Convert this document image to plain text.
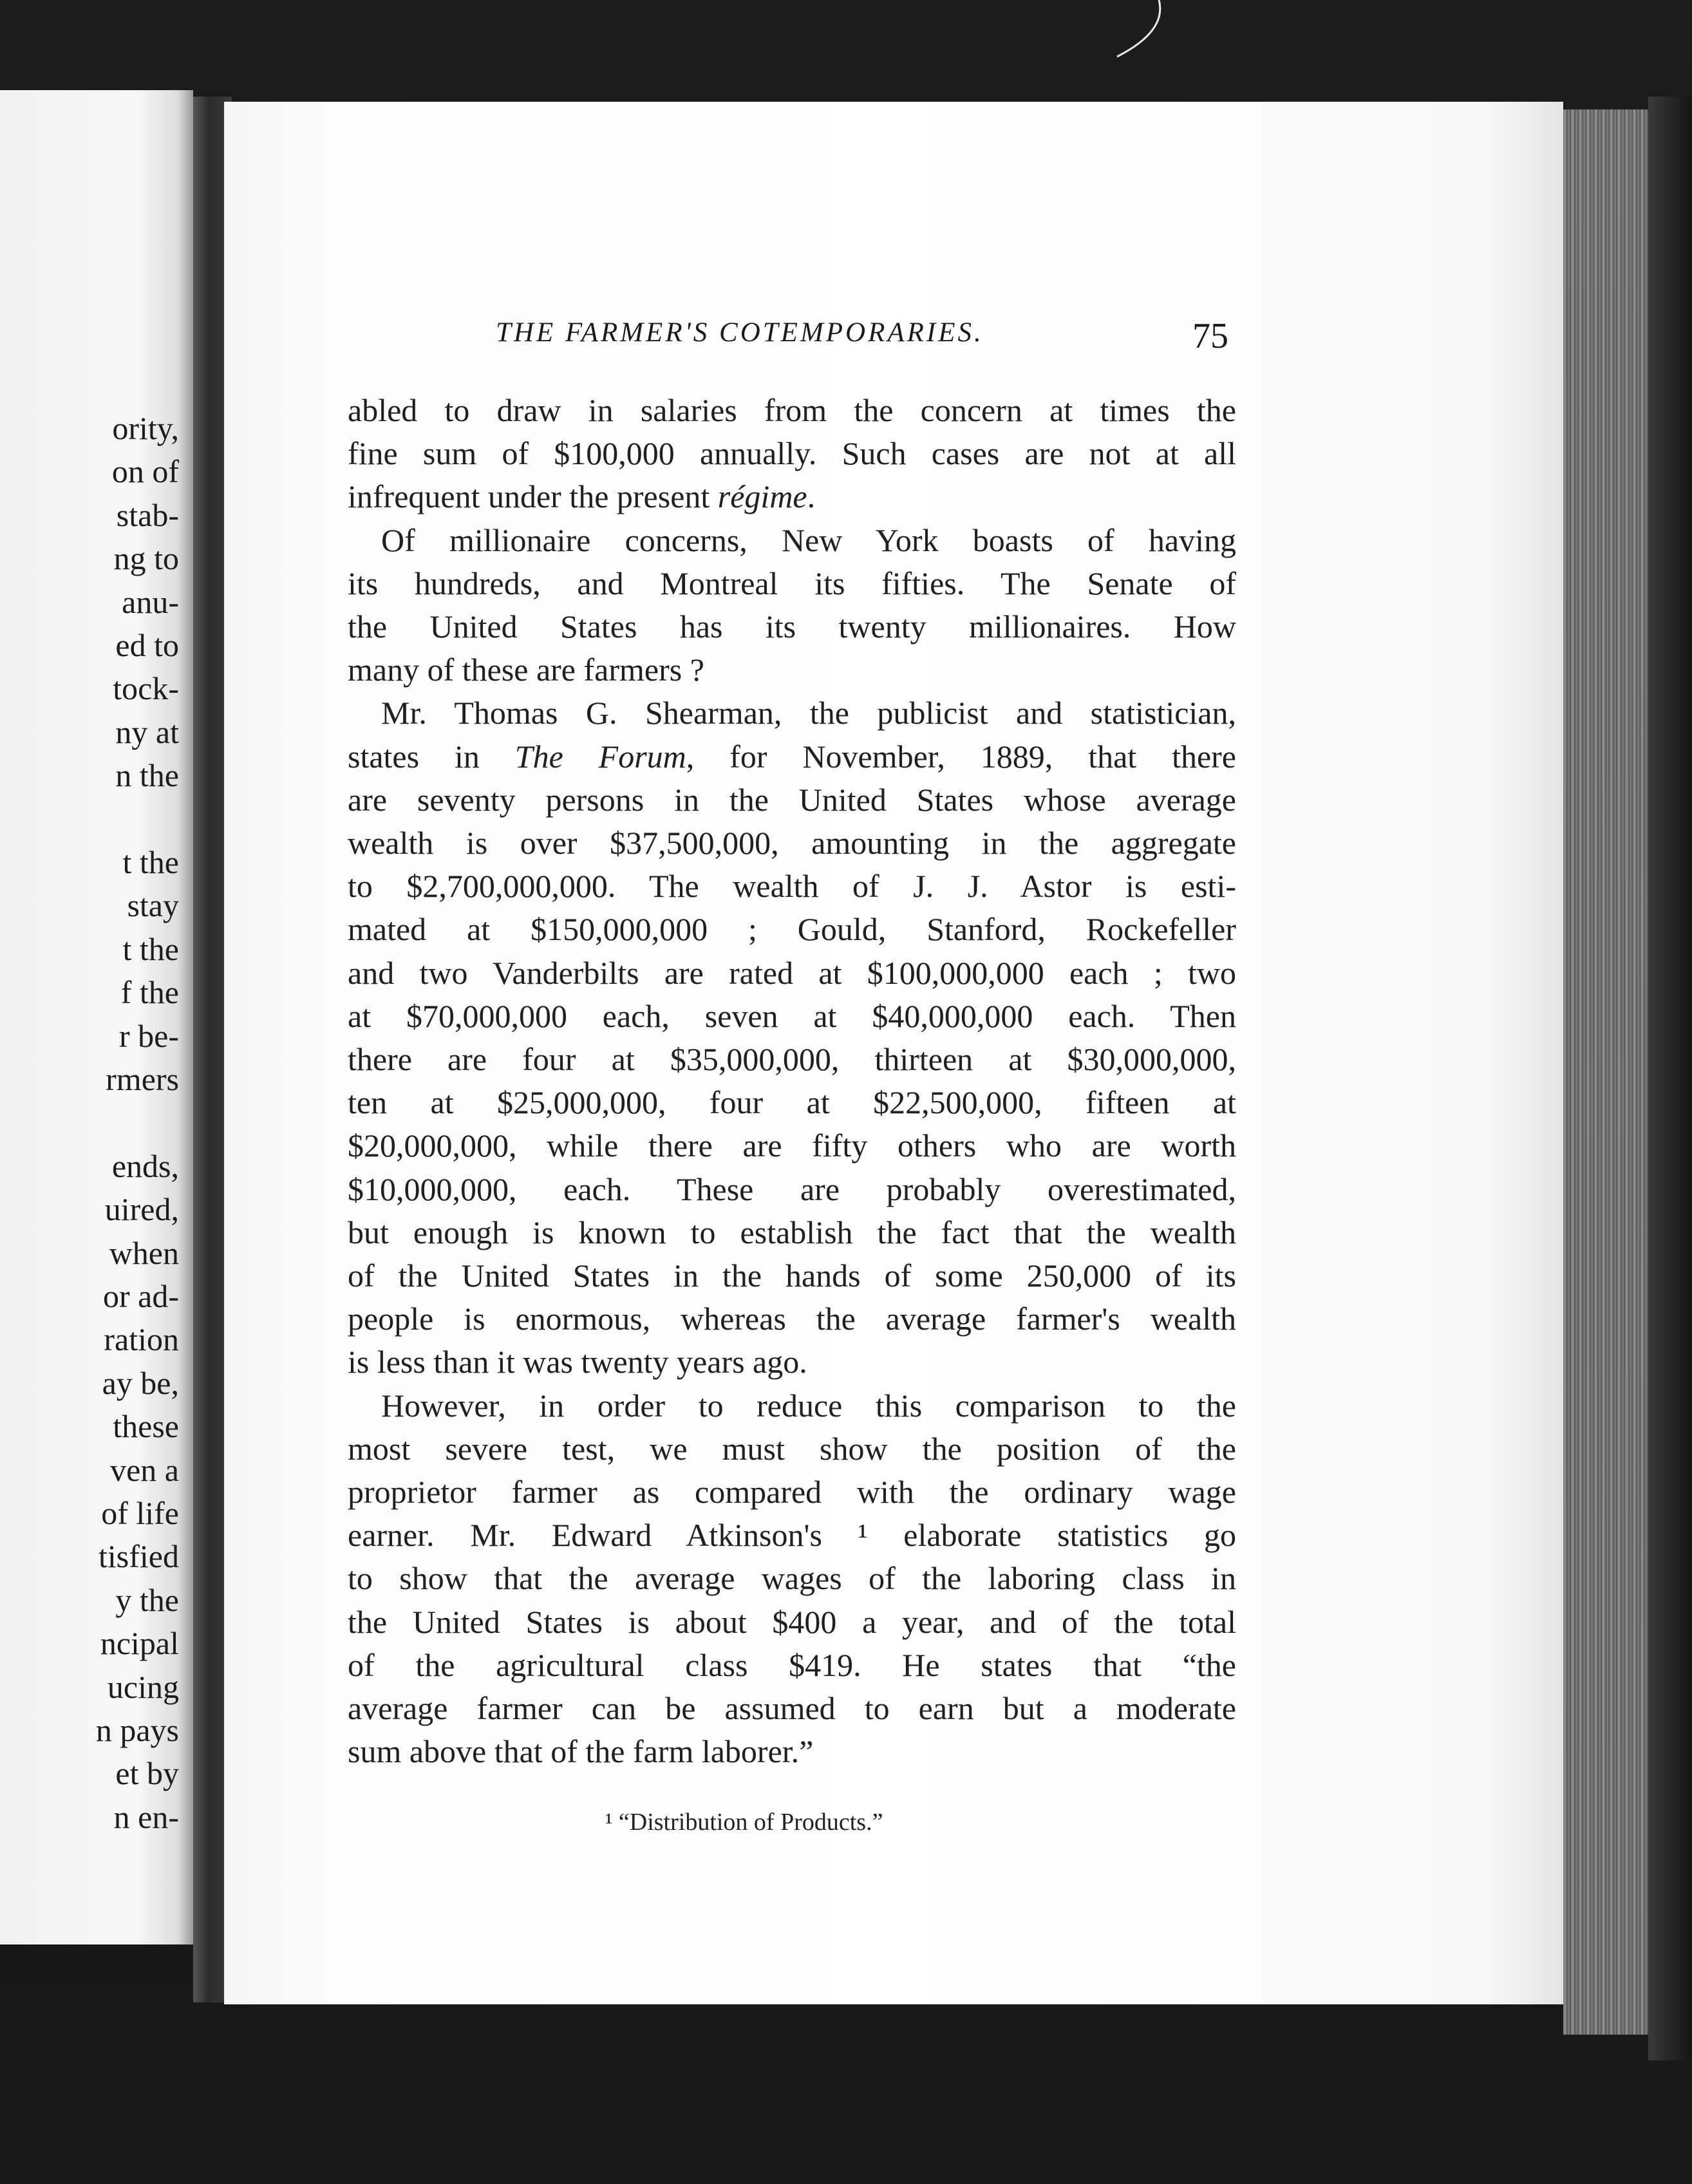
ority,
on of
stab-
ng to
anu-
ed to
tock-
ny at
n the
t the
stay
t the
f the
r be-
rmers
ends,
uired,
when
or ad-
ration
ay be,
these
ven a
of life
tisfied
y the
ncipal
ucing
n pays
et by
n en-
THE FARMER'S COTEMPORARIES.	75
abled to draw in salaries from the concern at times the
fine sum of $100,000 annually. Such cases are not at all
infrequent under the present régime.
Of millionaire concerns, New York boasts of having
its hundreds, and Montreal its fifties. The Senate of
the United States has its twenty millionaires. How
many of these are farmers ?
Mr. Thomas G. Shearman, the publicist and statistician,
states in The Forum, for November, 1889, that there
are seventy persons in the United States whose average
wealth is over $37,500,000, amounting in the aggregate
to $2,700,000,000. The wealth of J. J. Astor is esti-
mated at $150,000,000 ; Gould, Stanford, Rockefeller
and two Vanderbilts are rated at $100,000,000 each ; two
at $70,000,000 each, seven at $40,000,000 each. Then
there are four at $35,000,000, thirteen at $30,000,000,
ten at $25,000,000, four at $22,500,000, fifteen at
$20,000,000, while there are fifty others who are worth
$10,000,000, each. These are probably overestimated,
but enough is known to establish the fact that the wealth
of the United States in the hands of some 250,000 of its
people is enormous, whereas the average farmer's wealth
is less than it was twenty years ago.
However, in order to reduce this comparison to the
most severe test, we must show the position of the
proprietor farmer as compared with the ordinary wage
earner. Mr. Edward Atkinson's ¹ elaborate statistics go
to show that the average wages of the laboring class in
the United States is about $400 a year, and of the total
of the agricultural class $419. He states that “the
average farmer can be assumed to earn but a moderate
sum above that of the farm laborer.”
¹ “Distribution of Products.”
